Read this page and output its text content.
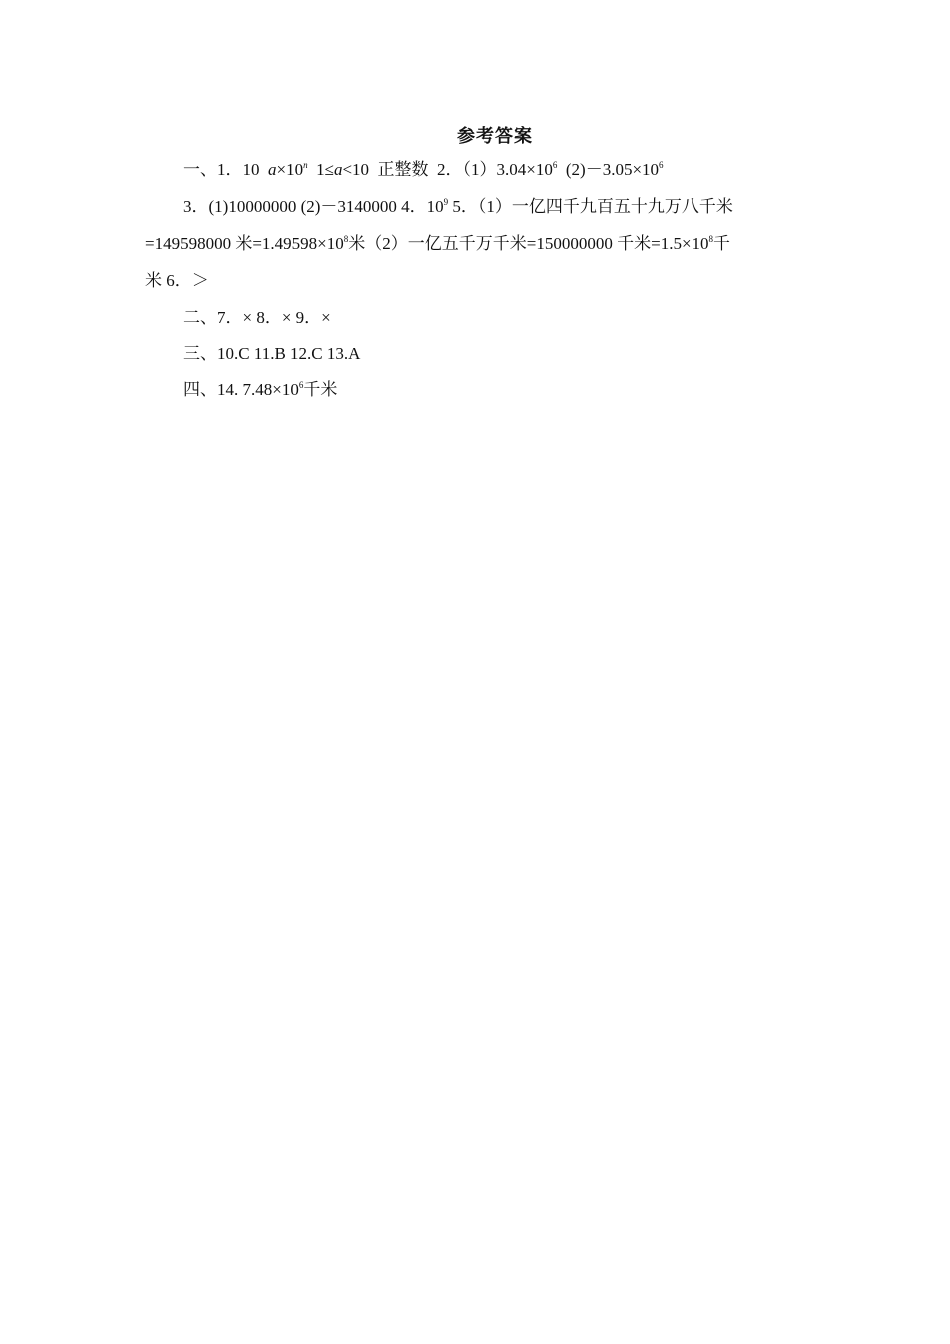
参考答案
一、1．10 $a\times 10^n$ 1≤a<10 正整数 2．$(1)3.04\times 10^6$ $(2)-3.05\times 10^6$
3．(1)10000000 (2)－3140000 4．$10^9$ 5．（1）一亿四千九百五十九万八千米
=149598000 米$=1.49598\times 10^8$米（2）一亿五千万千米=150000000 千米$=1.5\times 10^8$千
米 6．＞
二、7．× 8．× 9．×
三、10.C 11.B 12.C 13.A
四、14. $7.48\times 10^6$千米
